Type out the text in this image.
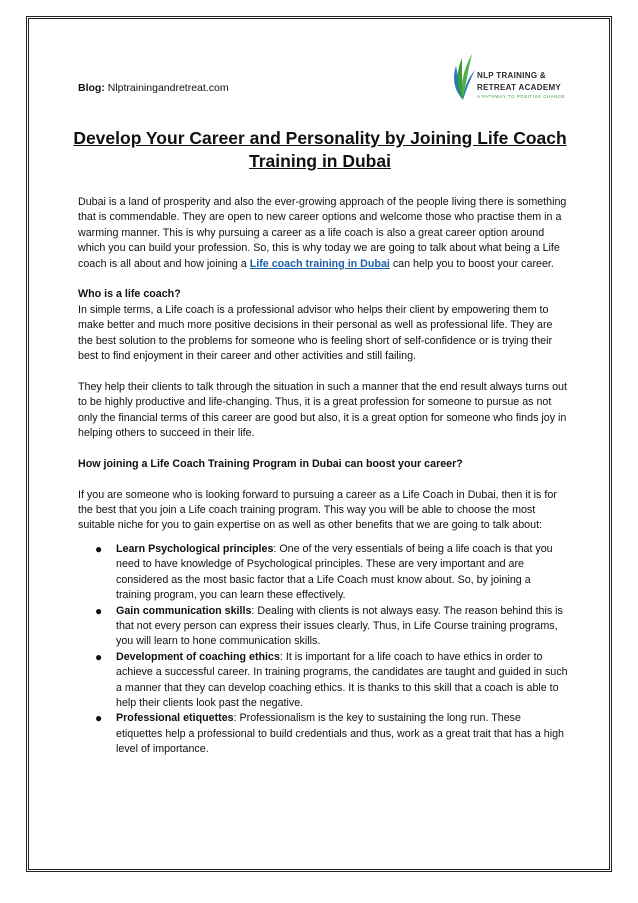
Blog: Nlptrainingandretreat.com
NLP TRAINING &
RETREAT ACADEMY
A PATHWAY TO POSITIVE CHANGE
Develop Your Career and Personality by Joining Life Coach Training in Dubai

Dubai is a land of prosperity and also the ever-growing approach of the people living there is something that is commendable. They are open to new career options and welcome those who practise them in a warming manner. This is why pursuing a career as a life coach is also a great career option around which you can build your profession. So, this is why today we are going to talk about what being a Life coach is all about and how joining a Life coach training in Dubai can help you to boost your career.

Who is a life coach?

In simple terms, a Life coach is a professional advisor who helps their client by empowering them to make better and much more positive decisions in their personal as well as professional life. They are the best solution to the problems for someone who is feeling short of self-confidence or is trying their best to find enjoyment in their career and other activities and still failing.

They help their clients to talk through the situation in such a manner that the end result always turns out to be highly productive and life-changing. Thus, it is a great profession for someone to pursue as not only the financial terms of this career are good but also, it is a great option for someone who finds joy in helping others to succeed in their life.

How joining a Life Coach Training Program in Dubai can boost your career?

If you are someone who is looking forward to pursuing a career as a Life Coach in Dubai, then it is for the best that you join a Life coach training program. This way you will be able to choose the most suitable niche for you to gain expertise on as well as other benefits that we are going to talk about:

● Learn Psychological principles: One of the very essentials of being a life coach is that you need to have knowledge of Psychological principles. These are very important and are considered as the most basic factor that a Life Coach must know about. So, by joining a training program, you can learn these effectively.
● Gain communication skills: Dealing with clients is not always easy. The reason behind this is that not every person can express their issues clearly. Thus, in Life Course training programs, you will learn to hone communication skills.
● Development of coaching ethics: It is important for a life coach to have ethics in order to achieve a successful career. In training programs, the candidates are taught and guided in such a manner that they can develop coaching ethics. It is thanks to this skill that a coach is able to help their clients look past the negative.
● Professional etiquettes: Professionalism is the key to sustaining the long run. These etiquettes help a professional to build credentials and thus, work as a great trait that has a high level of importance.
